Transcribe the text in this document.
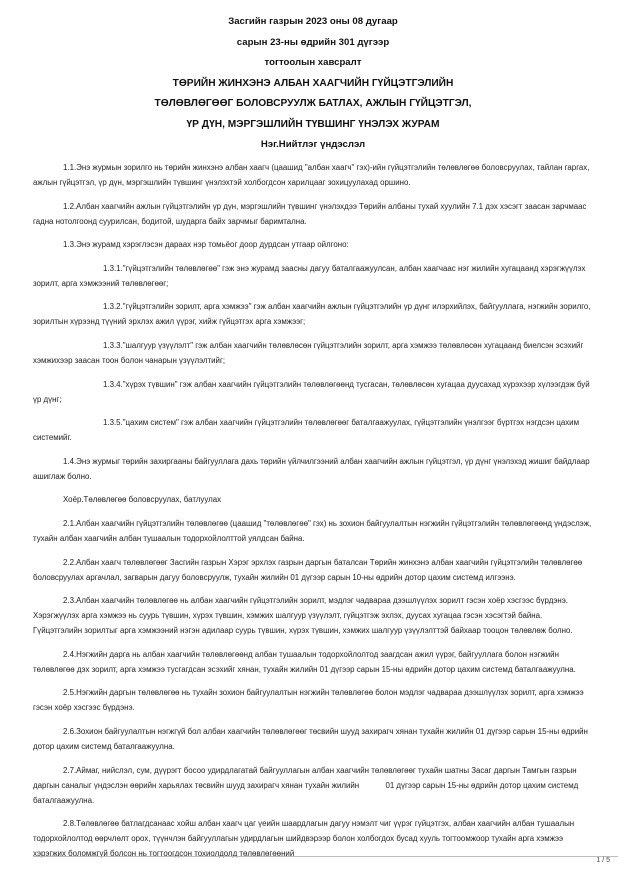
Засгийн газрын 2023 оны 08 дугаар
сарын 23-ны өдрийн 301 дүгээр
тогтоолын хавсралт
ТӨРИЙН ЖИНХЭНЭ АЛБАН ХААГЧИЙН ГҮЙЦЭТГЭЛИЙН
ТӨЛӨВЛӨГӨӨГ БОЛОВСРУУЛЖ БАТЛАХ, АЖЛЫН ГҮЙЦЭТГЭЛ,
ҮР ДҮН, МЭРГЭШЛИЙН ТҮВШИНГ ҮНЭЛЭХ ЖУРАМ
Нэг.Нийтлэг үндэслэл

1.1.Энэ журмын зорилго нь төрийн жинхэнэ албан хаагч (цаашид "албан хаагч" гэх)-ийн гүйцэтгэлийн төлөвлөгөө боловсруулах, тайлан гаргах, ажлын гүйцэтгэл, үр дүн, мэргэшлийн түвшинг үнэлэхтэй холбогдсон харилцааг зохицуулахад оршино.

1.2.Албан хаагчийн ажлын гүйцэтгэлийн үр дүн, мэргэшлийн түвшинг үнэлэхдээ Төрийн албаны тухай хуулийн 7.1 дэх хэсэгт заасан зарчмаас гадна нотолгоонд суурилсан, бодитой, шударга байх зарчмыг баримтална.

1.3.Энэ журамд хэрэглэсэн дараах нэр томьёог доор дурдсан утгаар ойлгоно:

1.3.1."гүйцэтгэлийн төлөвлөгөө" гэж энэ журамд заасны дагуу баталгаажуулсан, албан хаагчаас нэг жилийн хугацаанд хэрэгжүүлэх зорилт, арга хэмжээний төлөвлөгөөг;

1.3.2."гүйцэтгэлийн зорилт, арга хэмжээ" гэж албан хаагчийн ажлын гүйцэтгэлийн үр дүнг илэрхийлэх, байгууллага, нэгжийн зорилго, зорилтын хүрээнд түүний эрхлэх ажил үүрэг, хийж гүйцэтгэх арга хэмжээг;

1.3.3."шалгуур үзүүлэлт" гэж албан хаагчийн төлөвлөсөн гүйцэтгэлийн зорилт, арга хэмжээ төлөвлөсөн хугацаанд биелсэн эсэхийг хэмжихээр заасан тоон болон чанарын үзүүлэлтийг;

1.3.4."хүрэх түвшин" гэж албан хаагчийн гүйцэтгэлийн төлөвлөгөөнд тусгасан, төлөвлөсөн хугацаа дуусахад хүрэхээр хүлээгдэж буй үр дүнг;

1.3.5."цахим систем" гэж албан хаагчийн гүйцэтгэлийн төлөвлөгөөг баталгаажуулах, гүйцэтгэлийн үнэлгээг бүртгэх нэгдсэн цахим системийг.

1.4.Энэ журмыг төрийн захиргааны байгууллага дахь төрийн үйлчилгээний албан хаагчийн ажлын гүйцэтгэл, үр дүнг үнэлэхэд жишиг байдлаар ашиглаж болно.

Хоёр.Төлөвлөгөө боловсруулах, батлуулах

2.1.Албан хаагчийн гүйцэтгэлийн төлөвлөгөө (цаашид "төлөвлөгөө" гэх) нь зохион байгуулалтын нэгжийн гүйцэтгэлийн төлөвлөгөөнд үндэслэж, тухайн албан хаагчийн албан тушаалын тодорхойлолттой уялдсан байна.

2.2.Албан хаагч төлөвлөгөөг Засгийн газрын Хэрэг эрхлэх газрын даргын баталсан Төрийн жинхэнэ албан хаагчийн гүйцэтгэлийн төлөвлөгөө боловсруулах аргачлал, загварын дагуу боловсруулж, тухайн жилийн 01 дүгээр сарын 10-ны өдрийн дотор цахим системд илгээнэ.

2.3.Албан хаагчийн төлөвлөгөө нь албан хаагчийн гүйцэтгэлийн зорилт, мэдлэг чадвараа дээшлүүлэх зорилт гэсэн хоёр хэсгээс бүрдэнэ. Хэрэгжүүлэх арга хэмжээ нь суурь түвшин, хүрэх түвшин, хэмжих шалгуур үзүүлэлт, гүйцэтгэж эхлэх, дуусах хугацаа гэсэн хэсэгтэй байна. Гүйцэтгэлийн зорилтыг арга хэмжээний нэгэн адилаар суурь түвшин, хүрэх түвшин, хэмжих шалгуур үзүүлэлттэй байхаар тооцон төлөвлөж болно.

2.4.Нэгжийн дарга нь албан хаагчийн төлөвлөгөөнд албан тушаалын тодорхойлолтод заагдсан ажил үүрэг, байгууллага болон нэгжийн төлөвлөгөө дэх зорилт, арга хэмжээ тусгагдсан эсэхийг хянан, тухайн жилийн 01 дүгээр сарын 15-ны өдрийн дотор цахим системд баталгаажуулна.

2.5.Нэгжийн даргын төлөвлөгөө нь тухайн зохион байгуулалтын нэгжийн төлөвлөгөө болон мэдлэг чадвараа дээшлүүлэх зорилт, арга хэмжээ гэсэн хоёр хэсгээс бүрдэнэ.

2.6.Зохион байгуулалтын нэгжгүй бол албан хаагчийн төлөвлөгөөг төсвийн шууд захирагч хянан тухайн жилийн 01 дүгээр сарын 15-ны өдрийн дотор цахим системд баталгаажуулна.

2.7.Аймаг, нийслэл, сум, дүүрэгт босоо удирдлагатай байгууллагын албан хаагчийн төлөвлөгөөг тухайн шатны Засаг даргын Тамгын газрын даргын саналыг үндэслэн өөрийн харьялах төсвийн шууд захирагч хянан тухайн жилийн            01 дүгээр сарын 15-ны өдрийн дотор цахим системд баталгаажуулна.

2.8.Төлөвлөгөө батлагдсанаас хойш албан хаагч цаг үеийн шаардлагын дагуу нэмэлт чиг үүрэг гүйцэтгэх, албан хаагчийн албан тушаалын тодорхойлолтод өөрчлөлт орох, түүнчлэн байгууллагын удирдлагын шийдвэрээр болон холбогдох бусад хууль тогтоомжоор тухайн арга хэмжээ хэрэгжих боломжгүй болсон нь тогтоогдсон тохиолдолд төлөвлөгөөний

1 / 5
